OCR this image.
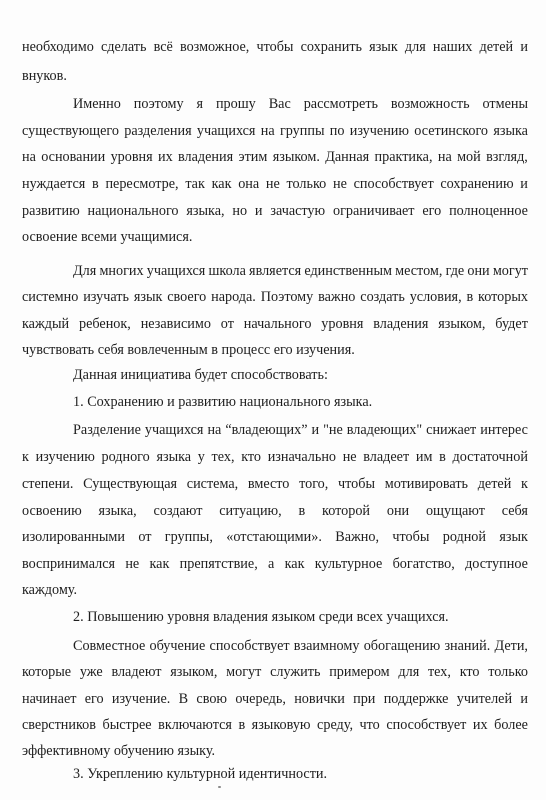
необходимо сделать всё возможное, чтобы сохранить язык для наших детей и
внуков.
Именно поэтому я прошу Вас рассмотреть возможность отмены
существующего разделения учащихся на группы по изучению осетинского языка
на основании уровня их владения этим языком. Данная практика, на мой взгляд,
нуждается в пересмотре, так как она не только не способствует сохранению и
развитию национального языка, но и зачастую ограничивает его полноценное
освоение всеми учащимися.
Для многих учащихся школа является единственным местом, где они могут
системно изучать язык своего народа. Поэтому важно создать условия, в которых
каждый ребенок, независимо от начального уровня владения языком, будет
чувствовать себя вовлеченным в процесс его изучения.
Данная инициатива будет способствовать:
1. Сохранению и развитию национального языка.
Разделение учащихся на “владеющих” и "не владеющих" снижает интерес
к изучению родного языка у тех, кто изначально не владеет им в достаточной
степени. Существующая система, вместо того, чтобы мотивировать детей к
освоению языка, создают ситуацию, в которой они ощущают себя
изолированными от группы, «отстающими». Важно, чтобы родной язык
воспринимался не как препятствие, а как культурное богатство, доступное
каждому.
2. Повышению уровня владения языком среди всех учащихся.
Совместное обучение способствует взаимному обогащению знаний. Дети,
которые уже владеют языком, могут служить примером для тех, кто только
начинает его изучение. В свою очередь, новички при поддержке учителей и
сверстников быстрее включаются в языковую среду, что способствует их более
эффективному обучению языку.
3. Укреплению культурной идентичности.
